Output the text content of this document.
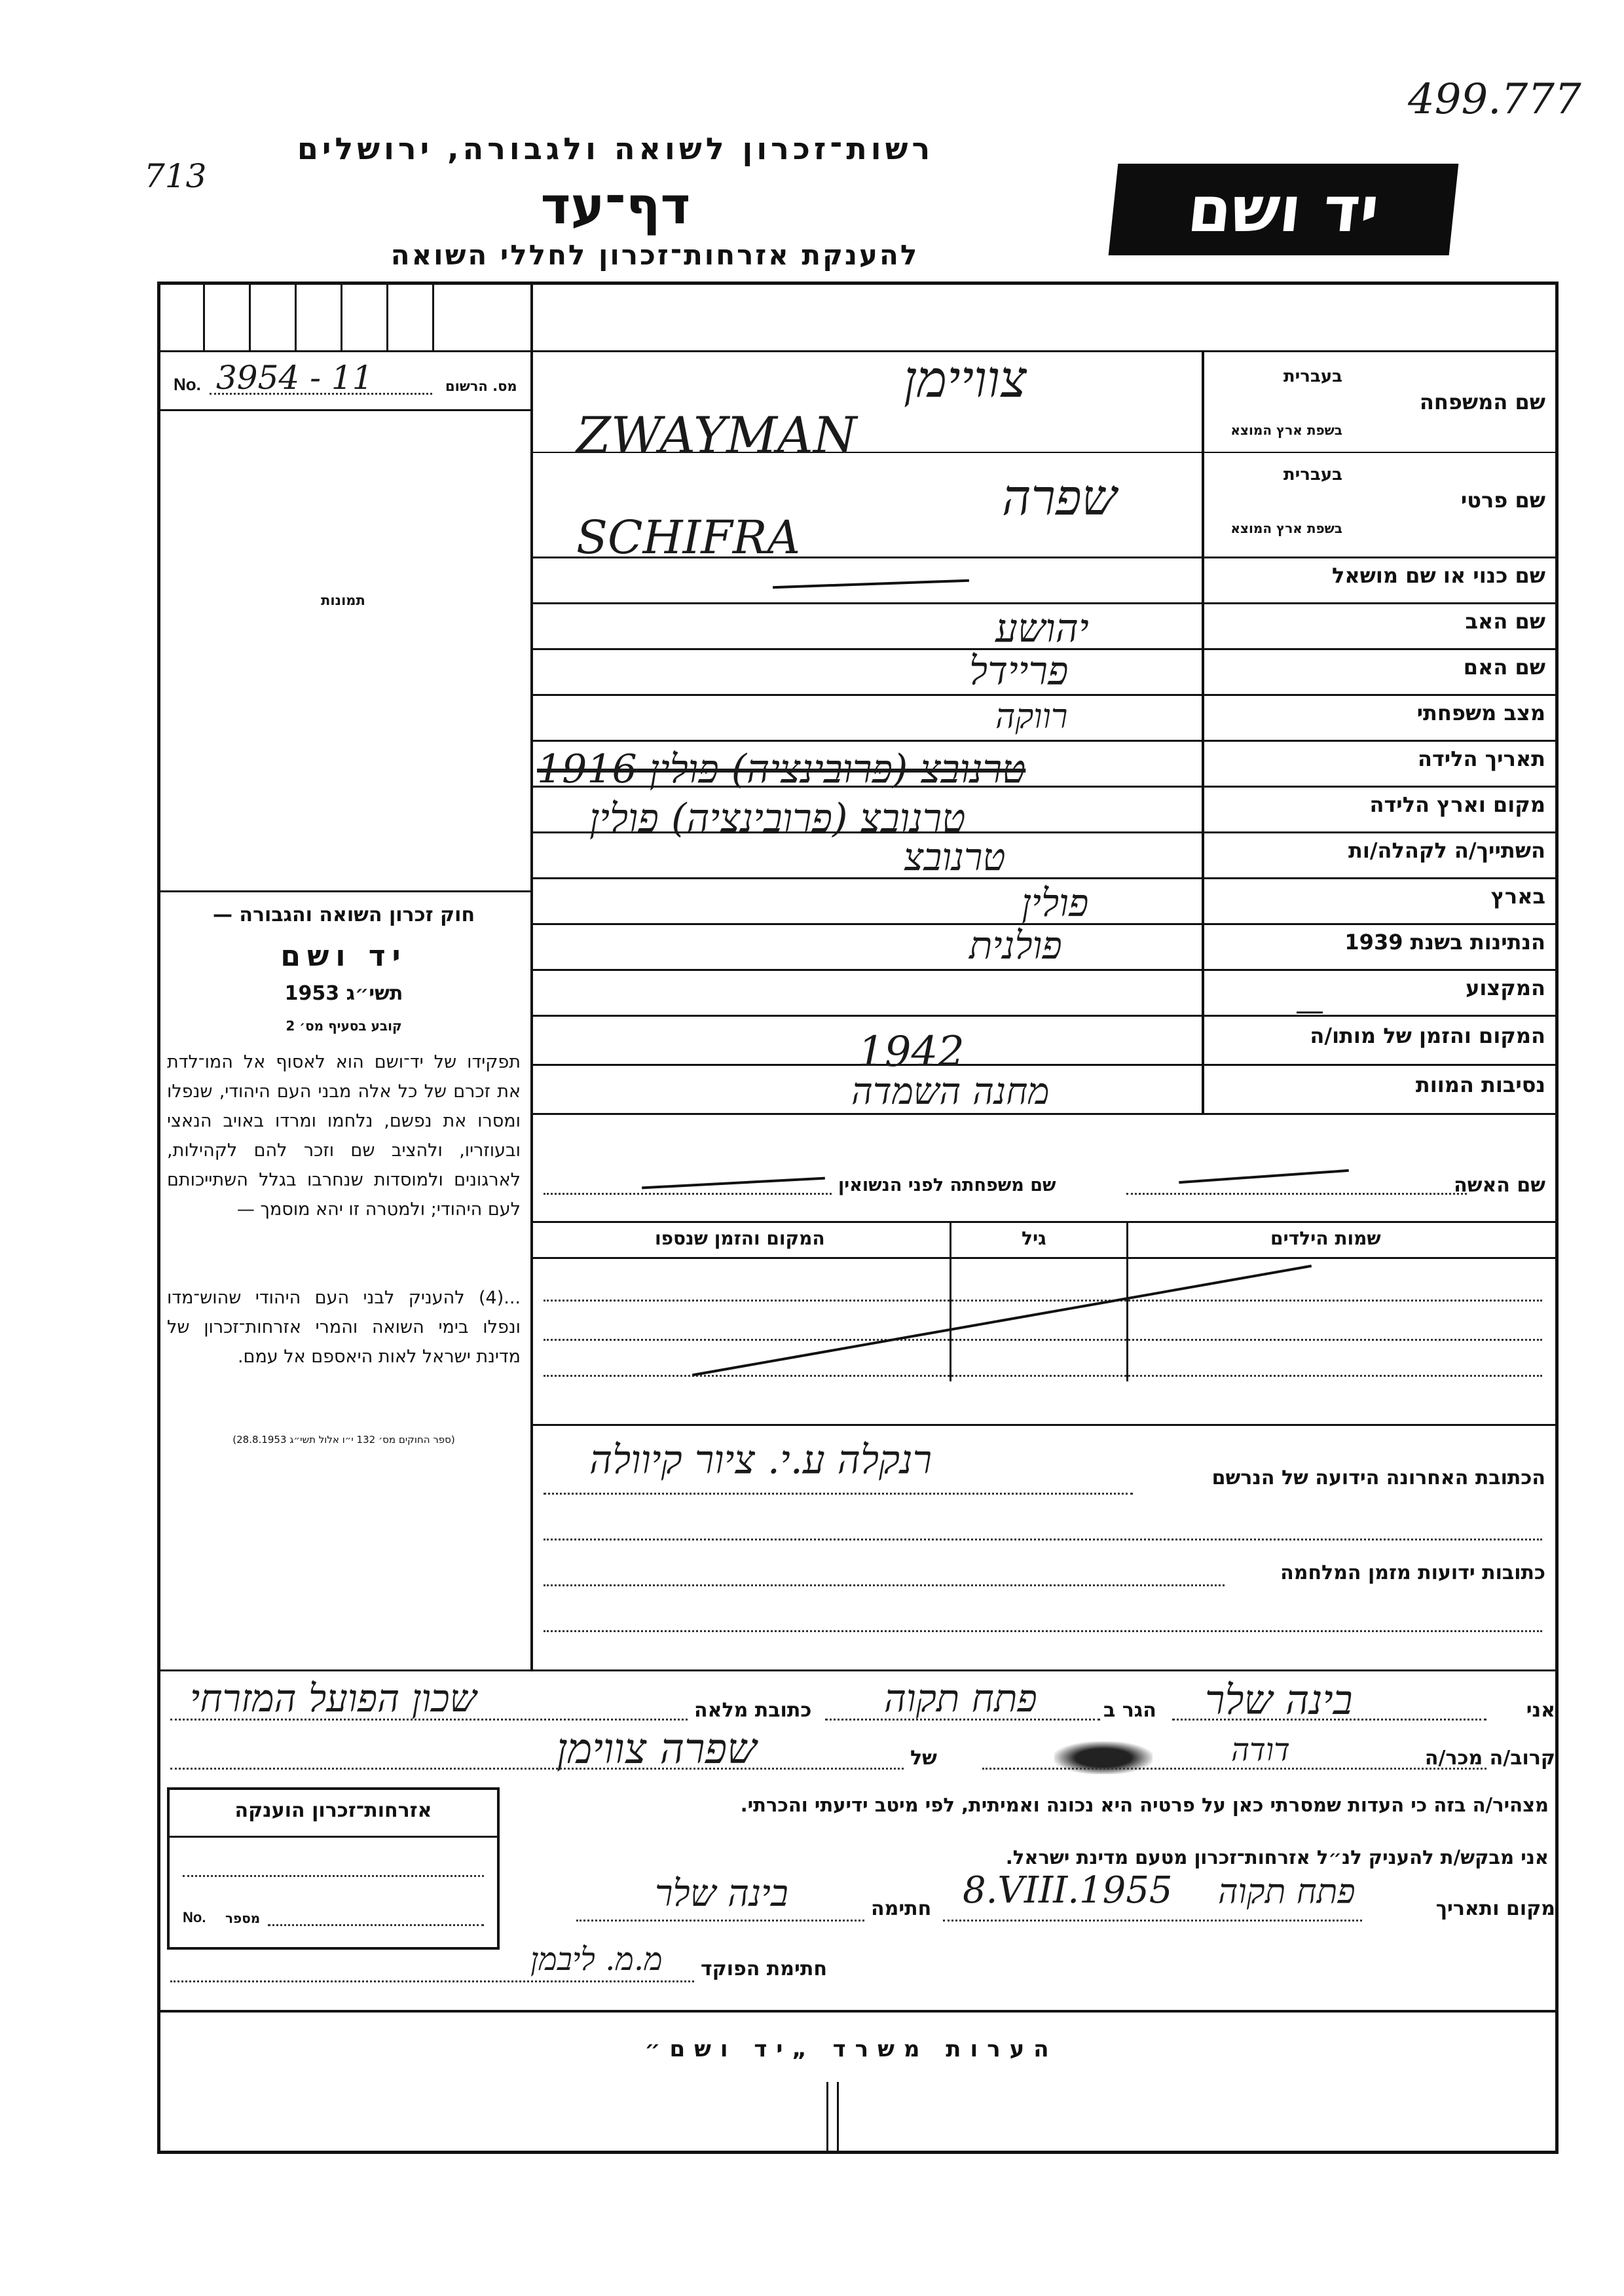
499.777
713
רשות־זכרון לשואה ולגבורה, ירושלים
דף־עד
להענקת אזרחות־זכרון לחללי השואה
יד ושם
No. 3954 ‑ 11	מס. הרשום
תמונות
שם המשפחה
בעברית
בשפת ארץ המוצא
צוויימן
ZWAYMAN
שם פרטי
בעברית
בשפת ארץ המוצא
שפרה
SCHIFRA
שם כנוי או שם מושאל
שם האב
שם האם
מצב משפחתי
תאריך הלידה
מקום וארץ הלידה
השתייך/ה לקהלה/ות
בארץ
הנתינות בשנת 1939
המקצוע
המקום והזמן של מותו/ה
נסיבות המוות
יהושע
פריידל
רווקה
טרנובצ (פרובינציה) פולין 1916
טרנובצ (פרובינציה) פולין
טרנובצ
פולין
פולנית
1942
מחנה השמדה
חוק זכרון השואה והגבורה —
יד ושם
תשי״ג 1953
קובע בסעיף מס׳ 2
תפקידו של יד־ושם הוא לאסוף אל המו־לדת את זכרם של כל אלה מבני העם היהודי, שנפלו ומסרו את נפשם, נלחמו ומרדו באויב הנאצי ובעוזריו, ולהציב שם וזכר להם לקהילות, לארגונים ולמוסדות שנחרבו בגלל השתייכותם לעם היהודי; ולמטרה זו יהא מוסמך —
...(4) להעניק לבני העם היהודי שהוש־מדו ונפלו בימי השואה והמרי אזרחות־זכרון של מדינת ישראל לאות היאספם אל עמם.
(ספר החוקים מס׳ 132 י״ו אלול תשי״ג 28.8.1953)
שם האשה
שם משפחתה לפני הנשואין
שמות הילדים
גיל
המקום והזמן שנספו
הכתובת האחרונה הידועה של הנרשם
רנקלה ע.י. ציור קיוולה
כתובות ידועות מזמן המלחמה
אני
בינה שלר
הגר ב
פתח תקוה
כתובת מלאה
שכון הפועל המזרחי
קרוב/ה מכר/ה
דודה
של
שפרה צווימן
מצהיר/ה בזה כי העדות שמסרתי כאן על פרטיה היא נכונה ואמיתית, לפי מיטב ידיעתי והכרתי.
אני מבקש/ת להעניק לנ״ל אזרחות־זכרון מטעם מדינת ישראל.
מקום ותאריך
פתח תקוה
8.VIII.1955
חתימה
בינה שלר
חתימת הפוקד
מ.מ. ליבמן
אזרחות־זכרון הוענקה
No. מספר
הערות משרד „יד ושם״
